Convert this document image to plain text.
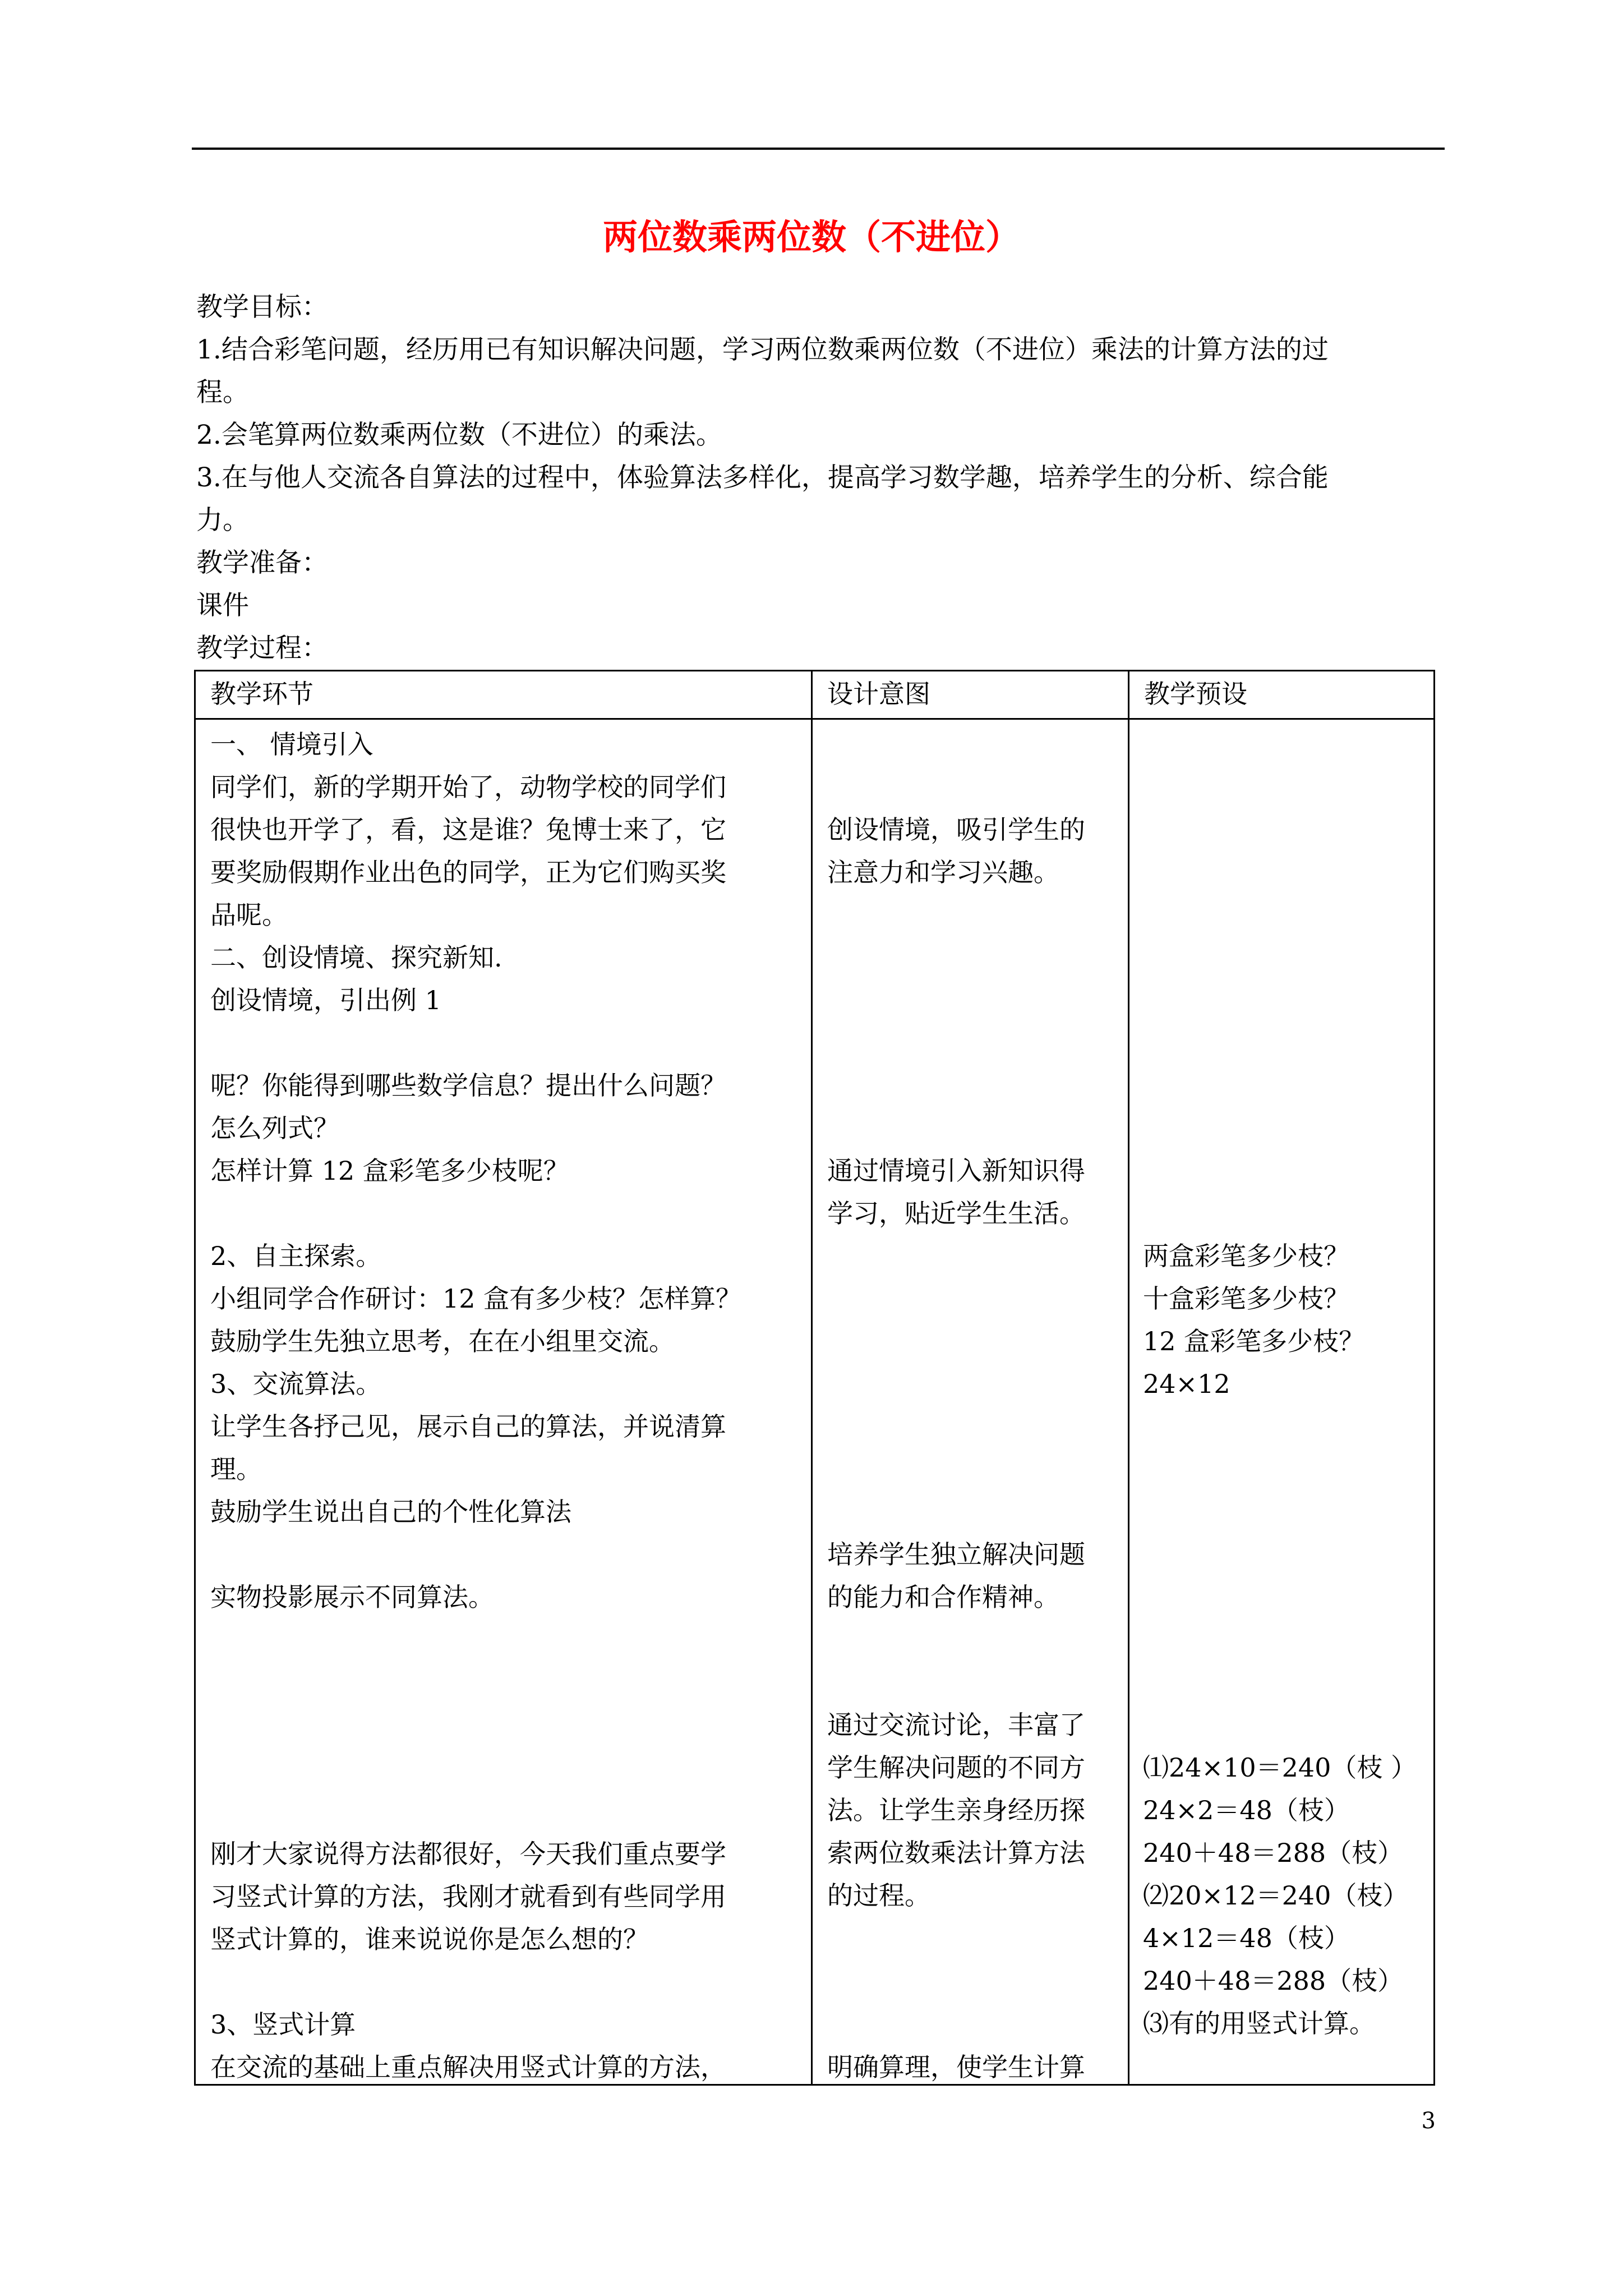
两位数乘两位数（不进位）

教学目标：

1.结合彩笔问题，经历用已有知识解决问题，学习两位数乘两位数（不进位）乘法的计算方法的过

程。

2.会笔算两位数乘两位数（不进位）的乘法。

3.在与他人交流各自算法的过程中，体验算法多样化，提高学习数学趣，培养学生的分析、综合能

力。

教学准备：

课件

教学过程：

教学环节	设计意图	教学预设
一、 情境引入
同学们，新的学期开始了，动物学校的同学们
很快也开学了，看，这是谁？兔博士来了，它
要奖励假期作业出色的同学，正为它们购买奖
品呢。
二、创设情境、探究新知.
创设情境，引出例 1
呢？你能得到哪些数学信息？提出什么问题？
怎么列式？
怎样计算 12 盒彩笔多少枝呢？
2、自主探索。
小组同学合作研讨：12 盒有多少枝？怎样算？
鼓励学生先独立思考，在在小组里交流。
3、交流算法。
让学生各抒己见，展示自己的算法，并说清算
理。
鼓励学生说出自己的个性化算法
实物投影展示不同算法。
刚才大家说得方法都很好，今天我们重点要学
习竖式计算的方法，我刚才就看到有些同学用
竖式计算的，谁来说说你是怎么想的？
3、竖式计算
在交流的基础上重点解决用竖式计算的方法，
创设情境，吸引学生的
注意力和学习兴趣。
通过情境引入新知识得
学习，贴近学生生活。
培养学生独立解决问题
的能力和合作精神。
通过交流讨论，丰富了
学生解决问题的不同方
法。让学生亲身经历探
索两位数乘法计算方法
的过程。
明确算理，使学生计算
两盒彩笔多少枝？
十盒彩笔多少枝？
12 盒彩笔多少枝？
24×12
⑴24×10＝240（枝 ）
24×2＝48（枝）
240＋48＝288（枝）
⑵20×12＝240（枝）
4×12＝48（枝）
240＋48＝288（枝）
⑶有的用竖式计算。
3
